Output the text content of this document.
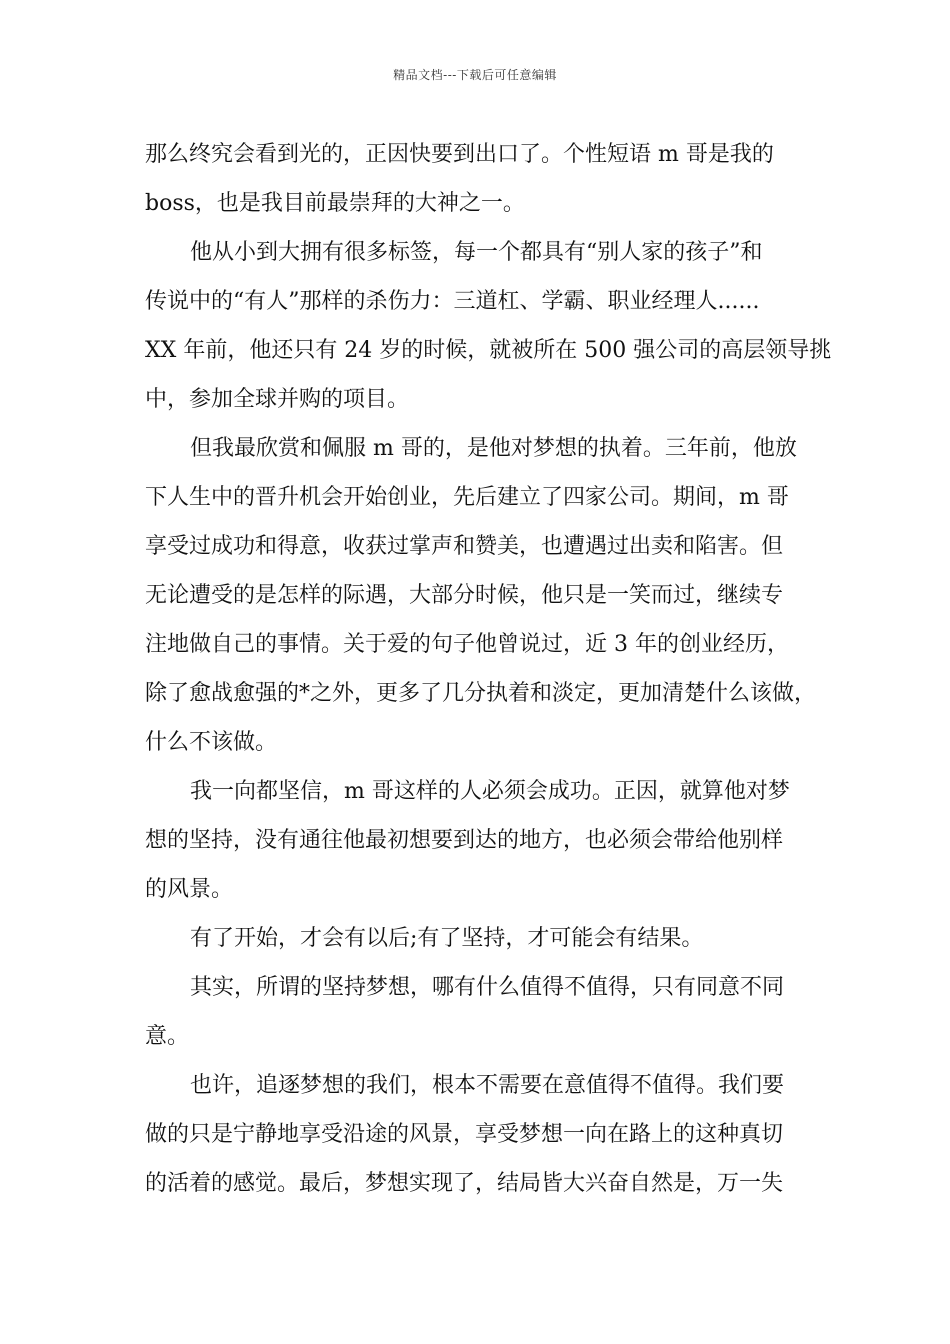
精品文档---下载后可任意编辑
那么终究会看到光的，正因快要到出口了。个性短语 m 哥是我的
boss，也是我目前最崇拜的大神之一。
他从小到大拥有很多标签，每一个都具有“别人家的孩子”和
传说中的“有人”那样的杀伤力：三道杠、学霸、职业经理人......
XX 年前，他还只有 24 岁的时候，就被所在 500 强公司的高层领导挑
中，参加全球并购的项目。
但我最欣赏和佩服 m 哥的，是他对梦想的执着。三年前，他放
下人生中的晋升机会开始创业，先后建立了四家公司。期间，m 哥
享受过成功和得意，收获过掌声和赞美，也遭遇过出卖和陷害。但
无论遭受的是怎样的际遇，大部分时候，他只是一笑而过，继续专
注地做自己的事情。关于爱的句子他曾说过，近 3 年的创业经历，
除了愈战愈强的*之外，更多了几分执着和淡定，更加清楚什么该做，
什么不该做。
我一向都坚信，m 哥这样的人必须会成功。正因，就算他对梦
想的坚持，没有通往他最初想要到达的地方，也必须会带给他别样
的风景。
有了开始，才会有以后;有了坚持，才可能会有结果。
其实，所谓的坚持梦想，哪有什么值得不值得，只有同意不同
意。
也许，追逐梦想的我们，根本不需要在意值得不值得。我们要
做的只是宁静地享受沿途的风景，享受梦想一向在路上的这种真切
的活着的感觉。最后，梦想实现了，结局皆大兴奋自然是，万一失
